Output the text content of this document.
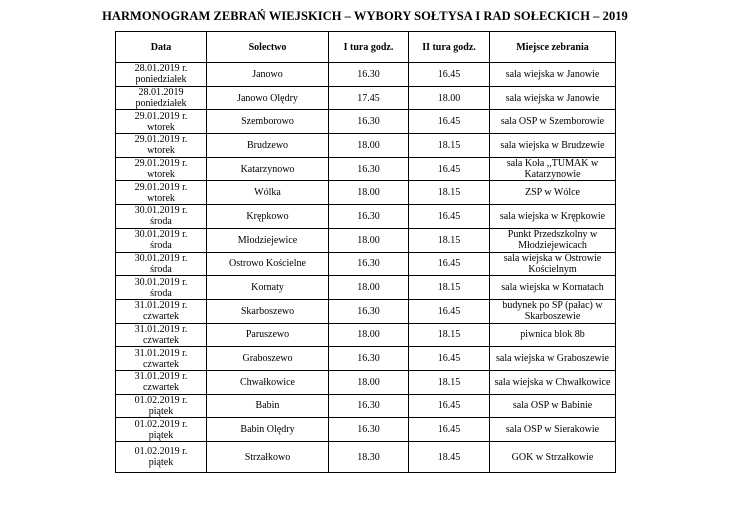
HARMONOGRAM ZEBRAŃ WIEJSKICH – WYBORY SOŁTYSA I RAD SOŁECKICH – 2019
Data	Solectwo	I tura godz.	II tura godz.	Miejsce zebrania

28.01.2019 r.
poniedziałek	Janowo	16.30	16.45	sala wiejska w Janowie

28.01.2019
poniedziałek	Janowo Olędry	17.45	18.00	sala wiejska w Janowie

29.01.2019 r.
wtorek	Szemborowo	16.30	16.45	sala OSP w Szemborowie

29.01.2019 r.
wtorek	Brudzewo	18.00	18.15	sala wiejska w Brudzewie

29.01.2019 r.
wtorek	Katarzynowo	16.30	16.45	sala Koła ,,TUMAK w Katarzynowie

29.01.2019 r.
wtorek	Wólka	18.00	18.15	ZSP w Wólce

30.01.2019 r.
środa	Krępkowo	16.30	16.45	sala wiejska w Krępkowie

30.01.2019 r.
środa	Młodziejewice	18.00	18.15	Punkt Przedszkolny w Młodziejewicach

30.01.2019 r.
środa	Ostrowo Kościelne	16.30	16.45	sala wiejska w Ostrowie Kościelnym

30.01.2019 r.
środa	Kornaty	18.00	18.15	sala wiejska w Kornatach

31.01.2019 r.
czwartek	Skarboszewo	16.30	16.45	budynek po SP (pałac) w Skarboszewie

31.01.2019 r.
czwartek	Paruszewo	18.00	18.15	piwnica blok 8b

31.01.2019 r.
czwartek	Graboszewo	16.30	16.45	sala wiejska w Graboszewie

31.01.2019 r.
czwartek	Chwałkowice	18.00	18.15	sala wiejska w Chwałkowice

01.02.2019 r.
piątek	Babin	16.30	16.45	sala OSP w Babinie

01.02.2019 r.
piątek	Babin Olędry	16.30	16.45	sala OSP w Sierakowie

01.02.2019 r.
piątek	Strzałkowo	18.30	18.45	GOK w Strzałkowie
